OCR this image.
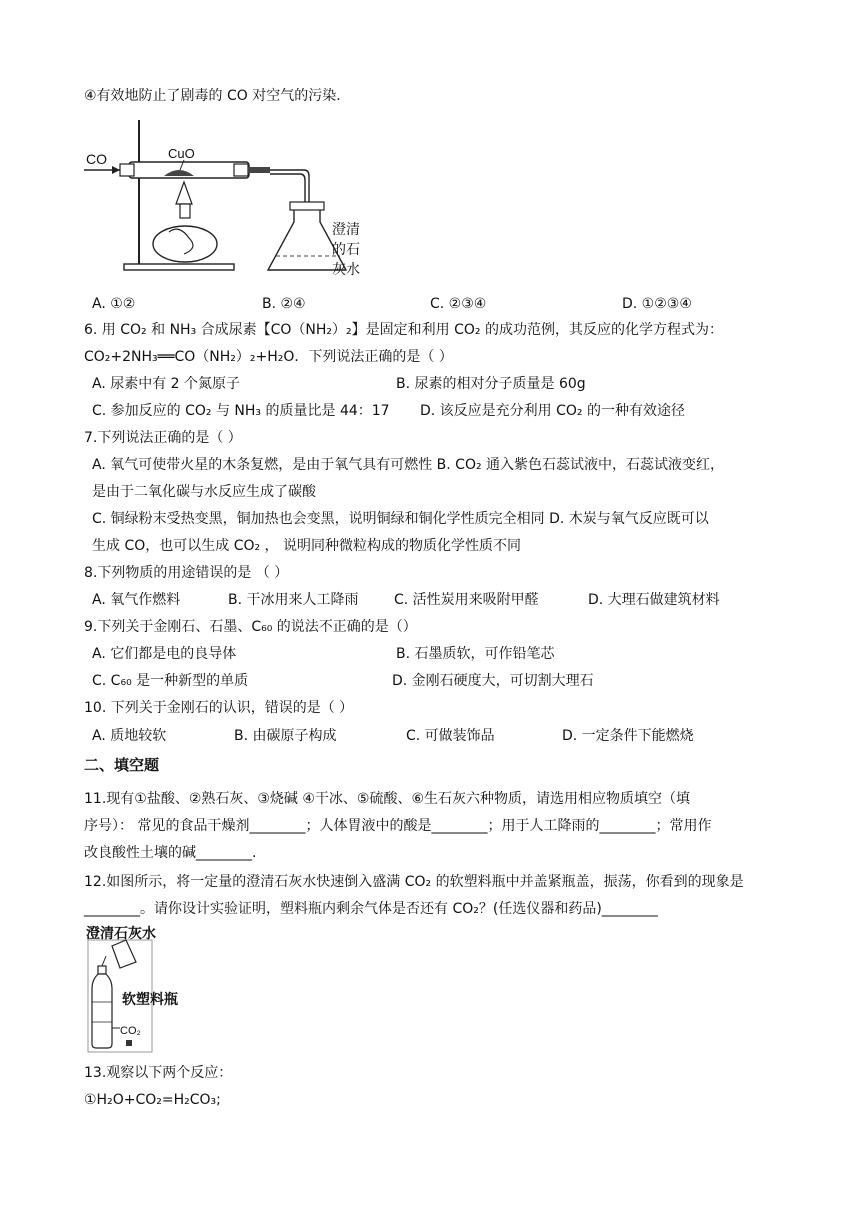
④有效地防止了剧毒的 CO 对空气的污染.
CO	CuO
澄清
的石
灰水
A. ①②	B. ②④	C. ②③④	D. ①②③④
6. 用 CO₂ 和 NH₃ 合成尿素【CO（NH₂）₂】是固定和利用 CO₂ 的成功范例，其反应的化学方程式为：
CO₂+2NH₃══CO（NH₂）₂+H₂O．下列说法正确的是（ ）
A. 尿素中有 2 个氮原子	B. 尿素的相对分子质量是 60g
C. 参加反应的 CO₂ 与 NH₃ 的质量比是 44：17 D. 该反应是充分利用 CO₂ 的一种有效途径
7.下列说法正确的是（ ）
A. 氧气可使带火星的木条复燃，是由于氧气具有可燃性 B. CO₂ 通入紫色石蕊试液中，石蕊试液变红，
是由于二氧化碳与水反应生成了碳酸
C. 铜绿粉末受热变黑，铜加热也会变黑，说明铜绿和铜化学性质完全相同 D. 木炭与氧气反应既可以
生成 CO，也可以生成 CO₂ ， 说明同种微粒构成的物质化学性质不同
8.下列物质的用途错误的是 （ ）
A. 氧气作燃料	B. 干冰用来人工降雨	C. 活性炭用来吸附甲醛	D. 大理石做建筑材料
9.下列关于金刚石、石墨、C₆₀ 的说法不正确的是（）
A. 它们都是电的良导体	B. 石墨质软，可作铅笔芯
C. C₆₀ 是一种新型的单质	D. 金刚石硬度大，可切割大理石
10. 下列关于金刚石的认识，错误的是（ ）
A. 质地较软	B. 由碳原子构成	C. 可做装饰品	D. 一定条件下能燃烧
二、填空题
11.现有①盐酸、②熟石灰、③烧碱 ④干冰、⑤硫酸、⑥生石灰六种物质，请选用相应物质填空（填
序号）： 常见的食品干燥剂________；人体胃液中的酸是________；用于人工降雨的________；常用作
改良酸性土壤的碱________.
12.如图所示，将一定量的澄清石灰水快速倒入盛满 CO₂ 的软塑料瓶中并盖紧瓶盖，振荡，你看到的现象是
________。请你设计实验证明，塑料瓶内剩余气体是否还有 CO₂？(任选仪器和药品)________
澄清石灰水
软塑料瓶
CO₂
13.观察以下两个反应：
①H₂O+CO₂=H₂CO₃;
